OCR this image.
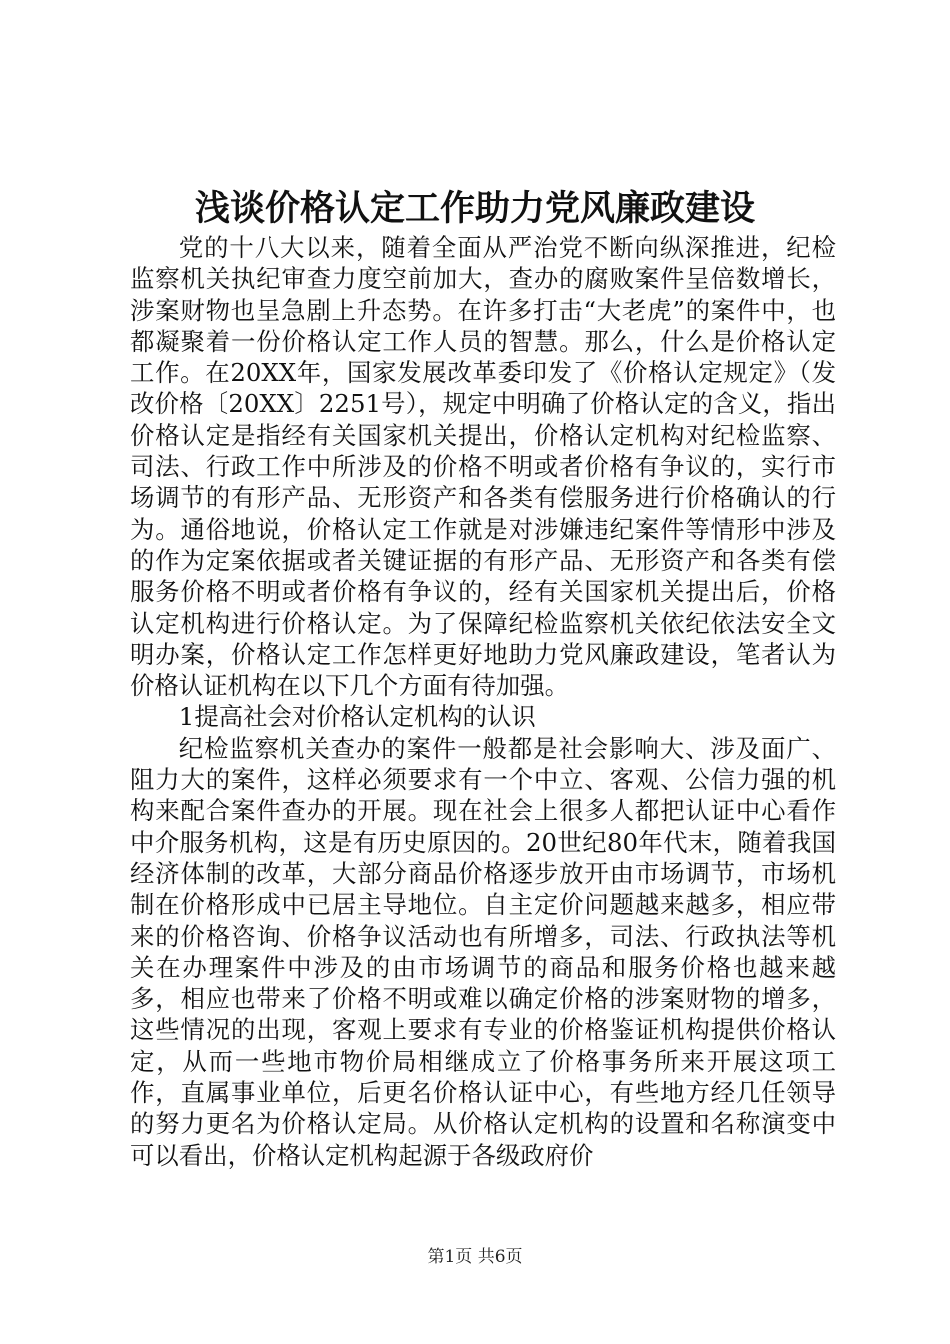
浅谈价格认定工作助力党风廉政建设

党的十八大以来，随着全面从严治党不断向纵深推进，纪检监察机关执纪审查力度空前加大，查办的腐败案件呈倍数增长，涉案财物也呈急剧上升态势。在许多打击“大老虎”的案件中，也都凝聚着一份价格认定工作人员的智慧。那么，什么是价格认定工作。在20XX年，国家发展改革委印发了《价格认定规定》（发改价格〔20XX〕2251号），规定中明确了价格认定的含义，指出价格认定是指经有关国家机关提出，价格认定机构对纪检监察、司法、行政工作中所涉及的价格不明或者价格有争议的，实行市场调节的有形产品、无形资产和各类有偿服务进行价格确认的行为。通俗地说，价格认定工作就是对涉嫌违纪案件等情形中涉及的作为定案依据或者关键证据的有形产品、无形资产和各类有偿服务价格不明或者价格有争议的，经有关国家机关提出后，价格认定机构进行价格认定。为了保障纪检监察机关依纪依法安全文明办案，价格认定工作怎样更好地助力党风廉政建设，笔者认为价格认证机构在以下几个方面有待加强。

1提高社会对价格认定机构的认识

纪检监察机关查办的案件一般都是社会影响大、涉及面广、阻力大的案件，这样必须要求有一个中立、客观、公信力强的机构来配合案件查办的开展。现在社会上很多人都把认证中心看作中介服务机构，这是有历史原因的。20世纪80年代末，随着我国经济体制的改革，大部分商品价格逐步放开由市场调节，市场机制在价格形成中已居主导地位。自主定价问题越来越多，相应带来的价格咨询、价格争议活动也有所增多，司法、行政执法等机关在办理案件中涉及的由市场调节的商品和服务价格也越来越多，相应也带来了价格不明或难以确定价格的涉案财物的增多，这些情况的出现，客观上要求有专业的价格鉴证机构提供价格认定，从而一些地市物价局相继成立了价格事务所来开展这项工作，直属事业单位，后更名价格认证中心，有些地方经几任领导的努力更名为价格认定局。从价格认定机构的设置和名称演变中可以看出，价格认定机构起源于各级政府价

第1页 共6页
